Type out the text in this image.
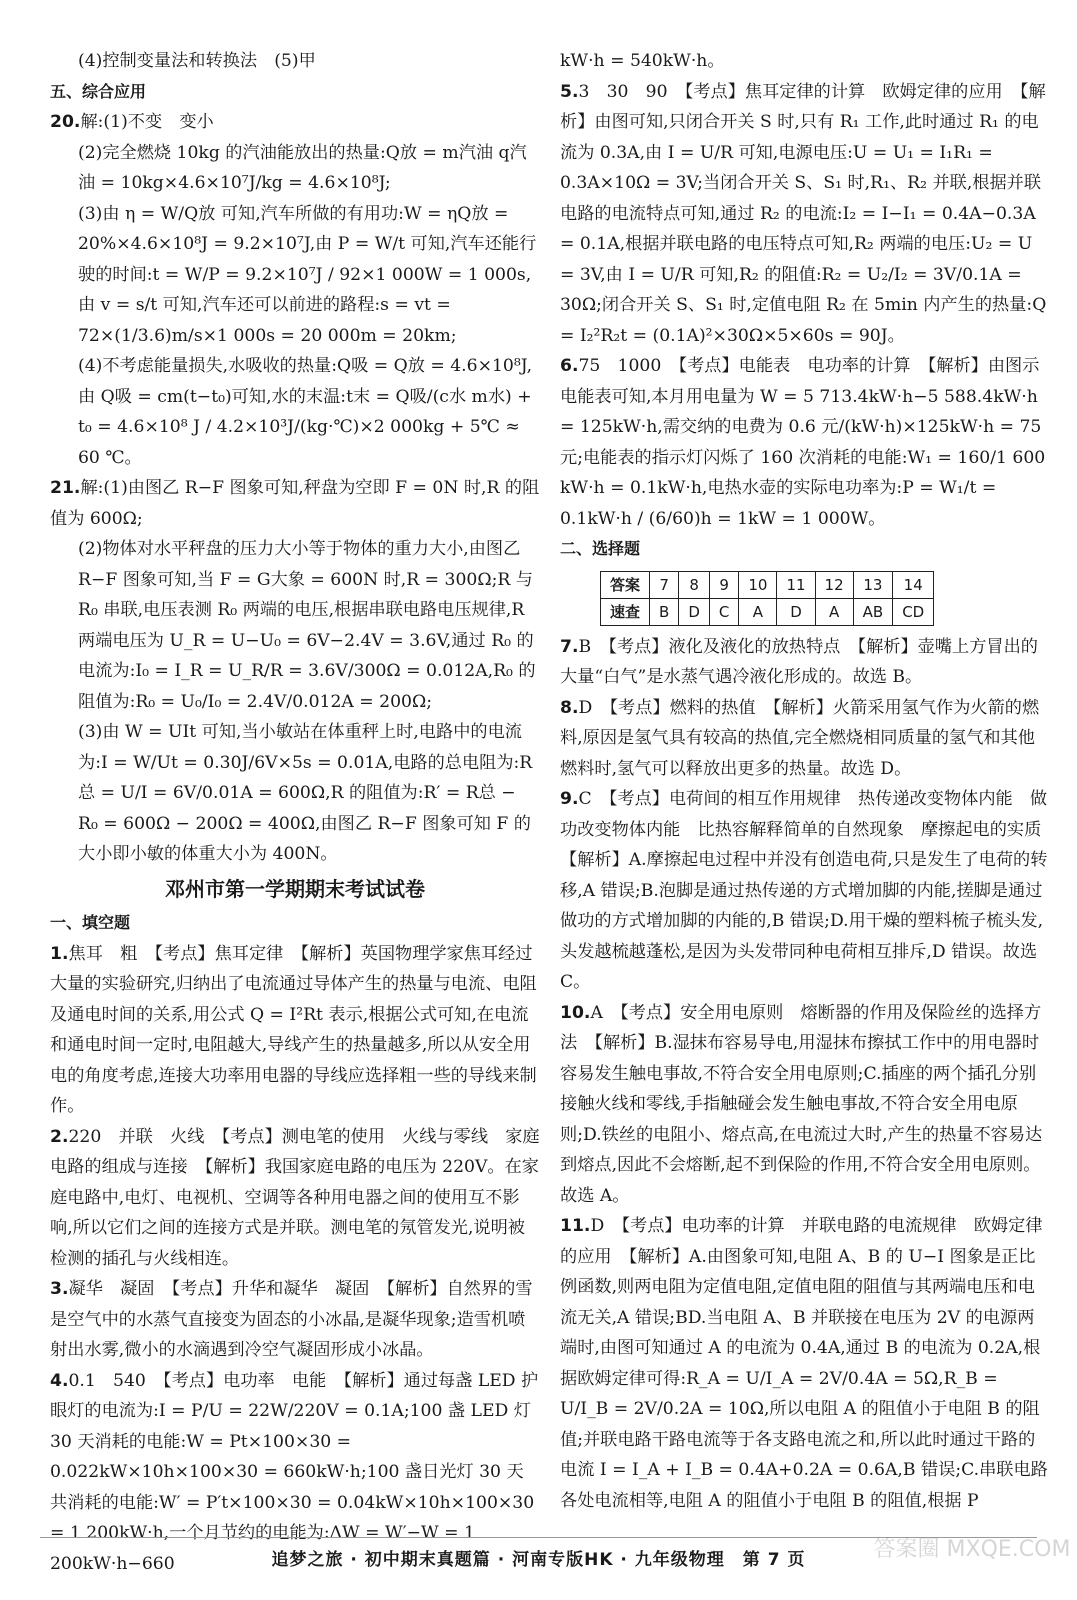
(4)控制变量法和转换法　(5)甲

五、综合应用

20.解:(1)不变　变小

(2)完全燃烧 10kg 的汽油能放出的热量:Q放 = m汽油 q汽油 = 10kg×4.6×10⁷J/kg = 4.6×10⁸J;

(3)由 η = W/Q放 可知,汽车所做的有用功:W = ηQ放 = 20%×4.6×10⁸J = 9.2×10⁷J,由 P = W/t 可知,汽车还能行驶的时间:t = W/P = 9.2×10⁷J / 92×1 000W = 1 000s,由 v = s/t 可知,汽车还可以前进的路程:s = vt = 72×(1/3.6)m/s×1 000s = 20 000m = 20km;

(4)不考虑能量损失,水吸收的热量:Q吸 = Q放 = 4.6×10⁸J,由 Q吸 = cm(t−t₀)可知,水的末温:t末 = Q吸/(c水 m水) + t₀ = 4.6×10⁸ J / 4.2×10³J/(kg·℃)×2 000kg + 5℃ ≈ 60 ℃。

21.解:(1)由图乙 R−F 图象可知,秤盘为空即 F = 0N 时,R 的阻值为 600Ω;

(2)物体对水平秤盘的压力大小等于物体的重力大小,由图乙 R−F 图象可知,当 F = G大象 = 600N 时,R = 300Ω;R 与 R₀ 串联,电压表测 R₀ 两端的电压,根据串联电路电压规律,R 两端电压为 U_R = U−U₀ = 6V−2.4V = 3.6V,通过 R₀ 的电流为:I₀ = I_R = U_R/R = 3.6V/300Ω = 0.012A,R₀ 的阻值为:R₀ = U₀/I₀ = 2.4V/0.012A = 200Ω;

(3)由 W = UIt 可知,当小敏站在体重秤上时,电路中的电流为:I = W/Ut = 0.30J/6V×5s = 0.01A,电路的总电阻为:R总 = U/I = 6V/0.01A = 600Ω,R 的阻值为:R′ = R总 − R₀ = 600Ω − 200Ω = 400Ω,由图乙 R−F 图象可知 F 的大小即小敏的体重大小为 400N。

邓州市第一学期期末考试试卷

一、填空题

1.焦耳　粗　【考点】焦耳定律　【解析】英国物理学家焦耳经过大量的实验研究,归纳出了电流通过导体产生的热量与电流、电阻及通电时间的关系,用公式 Q = I²Rt 表示,根据公式可知,在电流和通电时间一定时,电阻越大,导线产生的热量越多,所以从安全用电的角度考虑,连接大功率用电器的导线应选择粗一些的导线来制作。

2.220　并联　火线　【考点】测电笔的使用　火线与零线　家庭电路的组成与连接　【解析】我国家庭电路的电压为 220V。在家庭电路中,电灯、电视机、空调等各种用电器之间的使用互不影响,所以它们之间的连接方式是并联。测电笔的氖管发光,说明被检测的插孔与火线相连。

3.凝华　凝固　【考点】升华和凝华　凝固　【解析】自然界的雪是空气中的水蒸气直接变为固态的小冰晶,是凝华现象;造雪机喷射出水雾,微小的水滴遇到冷空气凝固形成小冰晶。

4.0.1　540　【考点】电功率　电能　【解析】通过每盏 LED 护眼灯的电流为:I = P/U = 22W/220V = 0.1A;100 盏 LED 灯 30 天消耗的电能:W = Pt×100×30 = 0.022kW×10h×100×30 = 660kW·h;100 盏日光灯 30 天共消耗的电能:W′ = P′t×100×30 = 0.04kW×10h×100×30 = 1 200kW·h,一个月节约的电能为:ΔW = W′−W = 1 200kW·h−660

kW·h = 540kW·h。

5.3　30　90　【考点】焦耳定律的计算　欧姆定律的应用　【解析】由图可知,只闭合开关 S 时,只有 R₁ 工作,此时通过 R₁ 的电流为 0.3A,由 I = U/R 可知,电源电压:U = U₁ = I₁R₁ = 0.3A×10Ω = 3V;当闭合开关 S、S₁ 时,R₁、R₂ 并联,根据并联电路的电流特点可知,通过 R₂ 的电流:I₂ = I−I₁ = 0.4A−0.3A = 0.1A,根据并联电路的电压特点可知,R₂ 两端的电压:U₂ = U = 3V,由 I = U/R 可知,R₂ 的阻值:R₂ = U₂/I₂ = 3V/0.1A = 30Ω;闭合开关 S、S₁ 时,定值电阻 R₂ 在 5min 内产生的热量:Q = I₂²R₂t = (0.1A)²×30Ω×5×60s = 90J。

6.75　1000　【考点】电能表　电功率的计算　【解析】由图示电能表可知,本月用电量为 W = 5 713.4kW·h−5 588.4kW·h = 125kW·h,需交纳的电费为 0.6 元/(kW·h)×125kW·h = 75 元;电能表的指示灯闪烁了 160 次消耗的电能:W₁ = 160/1 600 kW·h = 0.1kW·h,电热水壶的实际电功率为:P = W₁/t = 0.1kW·h / (6/60)h = 1kW = 1 000W。

二、选择题

答案	7	8	9	10	11	12	13	14
速查	B	D	C	A	D	A	AB	CD

7.B　【考点】液化及液化的放热特点　【解析】壶嘴上方冒出的大量“白气”是水蒸气遇冷液化形成的。故选 B。

8.D　【考点】燃料的热值　【解析】火箭采用氢气作为火箭的燃料,原因是氢气具有较高的热值,完全燃烧相同质量的氢气和其他燃料时,氢气可以释放出更多的热量。故选 D。

9.C　【考点】电荷间的相互作用规律　热传递改变物体内能　做功改变物体内能　比热容解释简单的自然现象　摩擦起电的实质　【解析】A.摩擦起电过程中并没有创造电荷,只是发生了电荷的转移,A 错误;B.泡脚是通过热传递的方式增加脚的内能,搓脚是通过做功的方式增加脚的内能的,B 错误;D.用干燥的塑料梳子梳头发,头发越梳越蓬松,是因为头发带同种电荷相互排斥,D 错误。故选 C。

10.A　【考点】安全用电原则　熔断器的作用及保险丝的选择方法　【解析】B.湿抹布容易导电,用湿抹布擦拭工作中的用电器时容易发生触电事故,不符合安全用电原则;C.插座的两个插孔分别接触火线和零线,手指触碰会发生触电事故,不符合安全用电原则;D.铁丝的电阻小、熔点高,在电流过大时,产生的热量不容易达到熔点,因此不会熔断,起不到保险的作用,不符合安全用电原则。故选 A。

11.D　【考点】电功率的计算　并联电路的电流规律　欧姆定律的应用　【解析】A.由图象可知,电阻 A、B 的 U−I 图象是正比例函数,则两电阻为定值电阻,定值电阻的阻值与其两端电压和电流无关,A 错误;BD.当电阻 A、B 并联接在电压为 2V 的电源两端时,由图可知通过 A 的电流为 0.4A,通过 B 的电流为 0.2A,根据欧姆定律可得:R_A = U/I_A = 2V/0.4A = 5Ω,R_B = U/I_B = 2V/0.2A = 10Ω,所以电阻 A 的阻值小于电阻 B 的阻值;并联电路干路电流等于各支路电流之和,所以此时通过干路的电流 I = I_A + I_B = 0.4A+0.2A = 0.6A,B 错误;C.串联电路各处电流相等,电阻 A 的阻值小于电阻 B 的阻值,根据 P

追梦之旅 · 初中期末真题篇 · 河南专版HK · 九年级物理　第 7 页	答案圈 MXQE.COM
